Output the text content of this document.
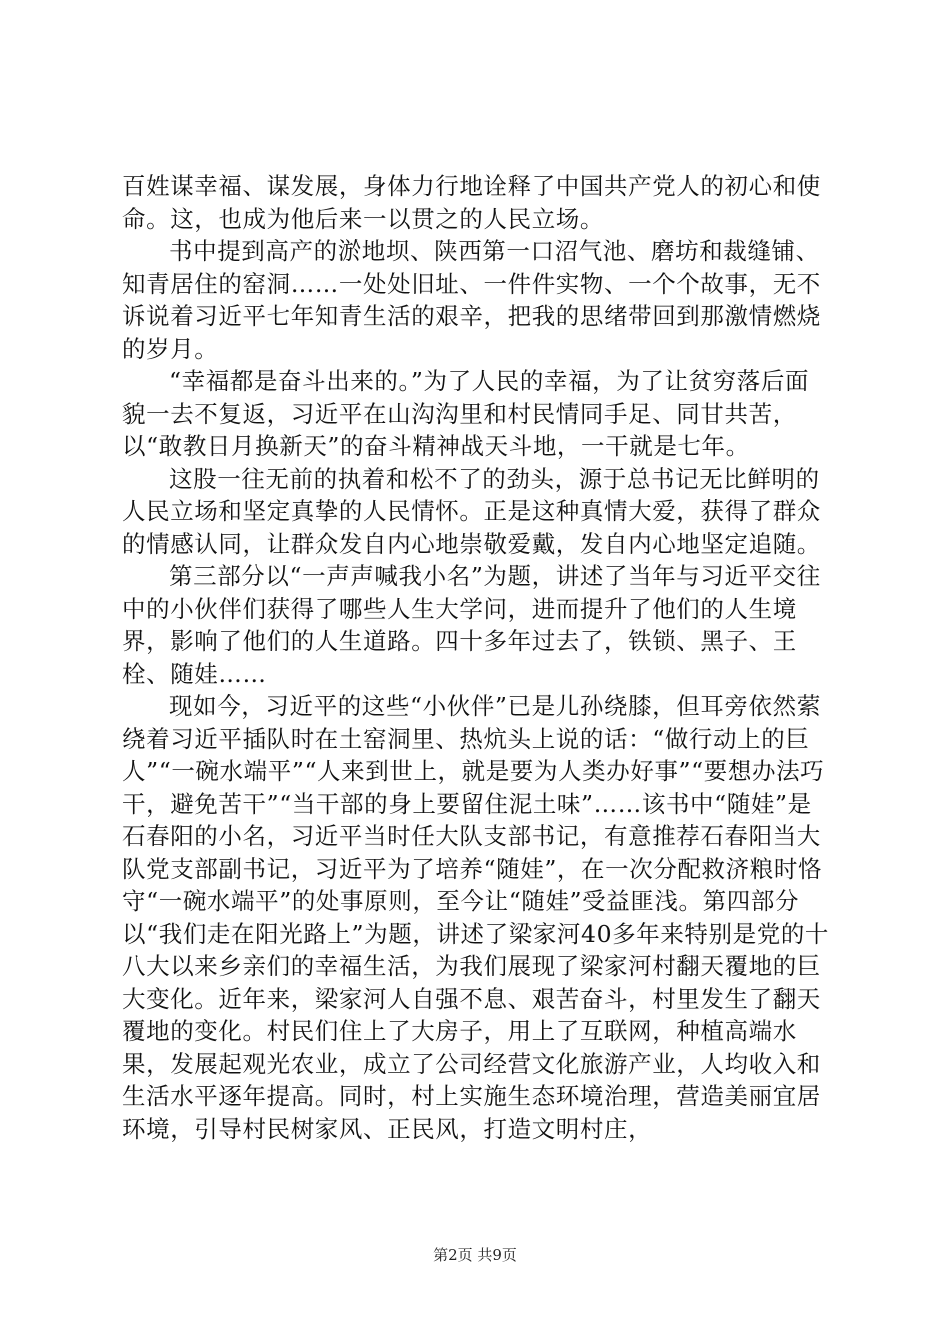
百姓谋幸福、谋发展，身体力行地诠释了中国共产党人的初心和使命。这，也成为他后来一以贯之的人民立场。

书中提到高产的淤地坝、陕西第一口沼气池、磨坊和裁缝铺、知青居住的窑洞……一处处旧址、一件件实物、一个个故事，无不诉说着习近平七年知青生活的艰辛，把我的思绪带回到那激情燃烧的岁月。

“幸福都是奋斗出来的。”为了人民的幸福，为了让贫穷落后面貌一去不复返，习近平在山沟沟里和村民情同手足、同甘共苦，以“敢教日月换新天”的奋斗精神战天斗地，一干就是七年。

这股一往无前的执着和松不了的劲头，源于总书记无比鲜明的人民立场和坚定真挚的人民情怀。正是这种真情大爱，获得了群众的情感认同，让群众发自内心地崇敬爱戴，发自内心地坚定追随。

第三部分以“一声声喊我小名”为题，讲述了当年与习近平交往中的小伙伴们获得了哪些人生大学问，进而提升了他们的人生境界，影响了他们的人生道路。四十多年过去了，铁锁、黑子、王栓、随娃……

现如今，习近平的这些“小伙伴”已是儿孙绕膝，但耳旁依然萦绕着习近平插队时在土窑洞里、热炕头上说的话：“做行动上的巨人”“一碗水端平”“人来到世上，就是要为人类办好事”“要想办法巧干，避免苦干”“当干部的身上要留住泥土味”……该书中“随娃”是石春阳的小名，习近平当时任大队支部书记，有意推荐石春阳当大队党支部副书记，习近平为了培养“随娃”，在一次分配救济粮时恪守“一碗水端平”的处事原则，至今让“随娃”受益匪浅。第四部分以“我们走在阳光路上”为题，讲述了梁家河40多年来特别是党的十八大以来乡亲们的幸福生活，为我们展现了梁家河村翻天覆地的巨大变化。近年来，梁家河人自强不息、艰苦奋斗，村里发生了翻天覆地的变化。村民们住上了大房子，用上了互联网，种植高端水果，发展起观光农业，成立了公司经营文化旅游产业，人均收入和生活水平逐年提高。同时，村上实施生态环境治理，营造美丽宜居环境，引导村民树家风、正民风，打造文明村庄，

第2页 共9页
